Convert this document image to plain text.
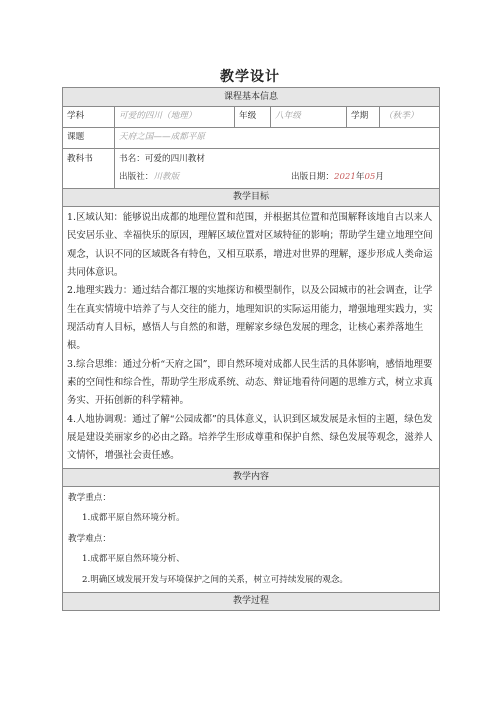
教学设计
课程基本信息					
学科	可爱的四川（地理）	年级	八年级	学期	（秋季）
课题	天府之国——成都平原				
教科书	书名：可爱的四川教材
出版社：川教版 出版日期：2021年05月				

教学目标					

1.区域认知：能够说出成都的地理位置和范围，并根据其位置和范围解释该地自古以来人民安居乐业、幸福快乐的原因，理解区域位置对区域特征的影响；帮助学生建立地理空间观念，认识不同的区域既各有特色，又相互联系，增进对世界的理解，逐步形成人类命运共同体意识。

2.地理实践力：通过结合都江堰的实地探访和模型制作，以及公园城市的社会调查，让学生在真实情境中培养了与人交往的能力，地理知识的实际运用能力，增强地理实践力，实现活动育人目标，感悟人与自然的和谐，理解家乡绿色发展的理念，让核心素养落地生根。

3.综合思维：通过分析“天府之国”，即自然环境对成都人民生活的具体影响，感悟地理要素的空间性和综合性，帮助学生形成系统、动态、辩证地看待问题的思维方式，树立求真务实、开拓创新的科学精神。

4.人地协调观：通过了解“公园成都”的具体意义，认识到区域发展是永恒的主题，绿色发展是建设美丽家乡的必由之路。培养学生形成尊重和保护自然、绿色发展等观念，滋养人文情怀，增强社会责任感。					

教学内容					

教学重点：

1.成都平原自然环境分析。

教学难点：

1.成都平原自然环境分析、

2.明确区域发展开发与环境保护之间的关系，树立可持续发展的观念。					

教学过程					
